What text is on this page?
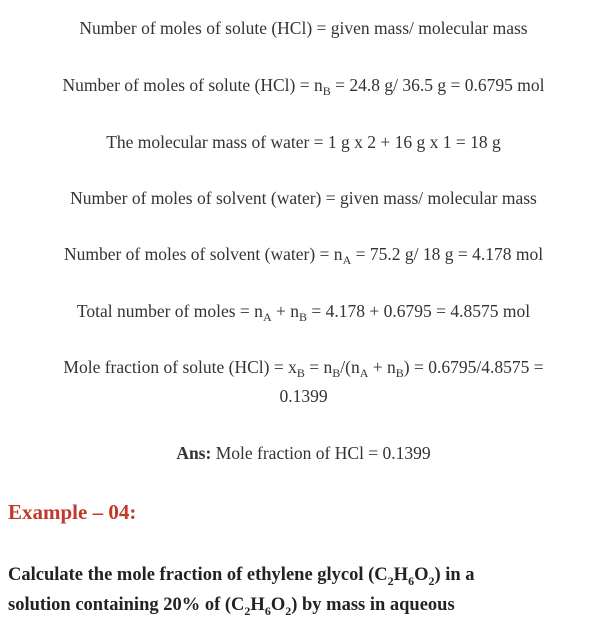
Number of moles of solute (HCl) = given mass/ molecular mass
Number of moles of solute $(HCl) = n_B = 24.8$ g/ 36.5 g = 0.6795 mol
The molecular mass of water = 1 g x 2 + 16 g x 1 = 18 g
Number of moles of solvent (water) = given mass/ molecular mass
Number of moles of solvent (water) = $n_A = 75.2$ g/ 18 g = 4.178 mol
Total number of moles = $n_A + n_B = 4.178 + 0.6795 = 4.8575$ mol
Mole fraction of solute $(HCl) = x_B = n_B/(n_A + n_B) = 0.6795/4.8575$ =
0.1399
Ans: Mole fraction of HCl = 0.1399
Example – 04:
Calculate the mole fraction of ethylene glycol $(C_2H_6O_2)$ in a
solution containing 20% of $(C_2H_6O_2)$ by mass in aqueous
